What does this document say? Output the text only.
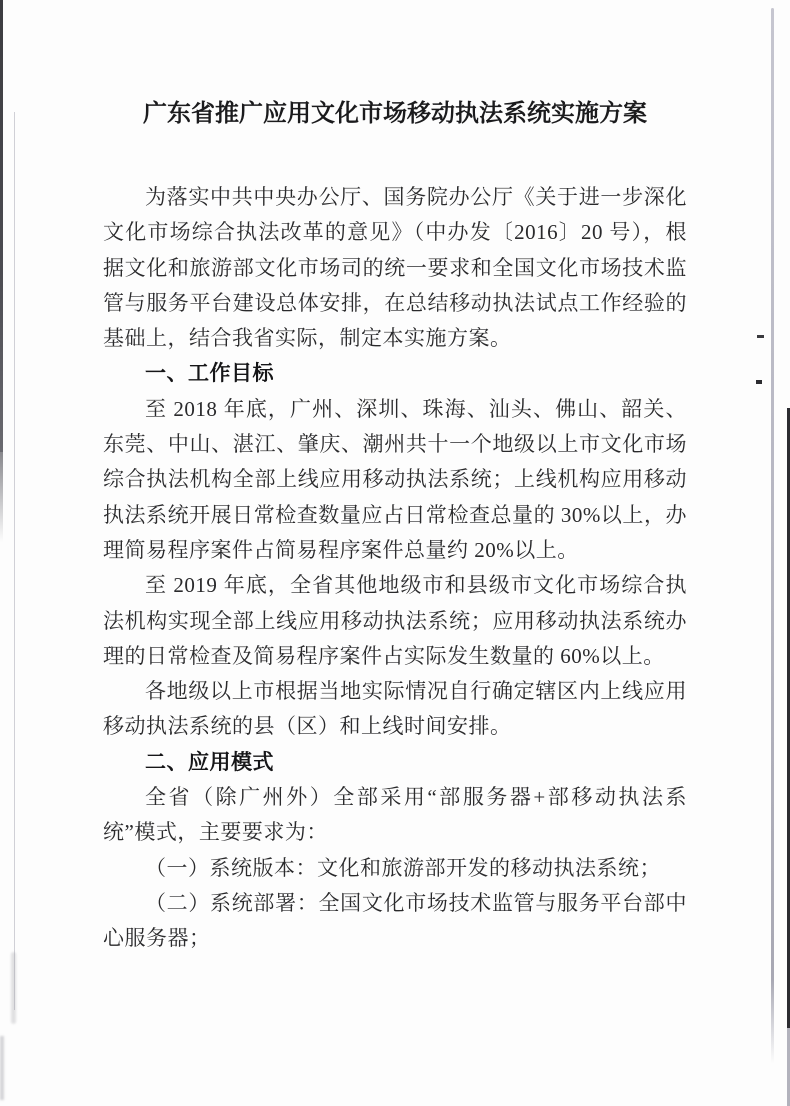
广东省推广应用文化市场移动执法系统实施方案

为落实中共中央办公厅、国务院办公厅《关于进一步深化文化市场综合执法改革的意见》（中办发〔2016〕20 号），根据文化和旅游部文化市场司的统一要求和全国文化市场技术监管与服务平台建设总体安排，在总结移动执法试点工作经验的基础上，结合我省实际，制定本实施方案。

一、工作目标

至 2018 年底，广州、深圳、珠海、汕头、佛山、韶关、东莞、中山、湛江、肇庆、潮州共十一个地级以上市文化市场综合执法机构全部上线应用移动执法系统；上线机构应用移动执法系统开展日常检查数量应占日常检查总量的 30%以上，办理简易程序案件占简易程序案件总量约 20%以上。

至 2019 年底，全省其他地级市和县级市文化市场综合执法机构实现全部上线应用移动执法系统；应用移动执法系统办理的日常检查及简易程序案件占实际发生数量的 60%以上。

各地级以上市根据当地实际情况自行确定辖区内上线应用移动执法系统的县（区）和上线时间安排。

二、应用模式

全省（除广州外）全部采用“部服务器+部移动执法系统”模式，主要要求为：

（一）系统版本：文化和旅游部开发的移动执法系统；

（二）系统部署：全国文化市场技术监管与服务平台部中心服务器；
